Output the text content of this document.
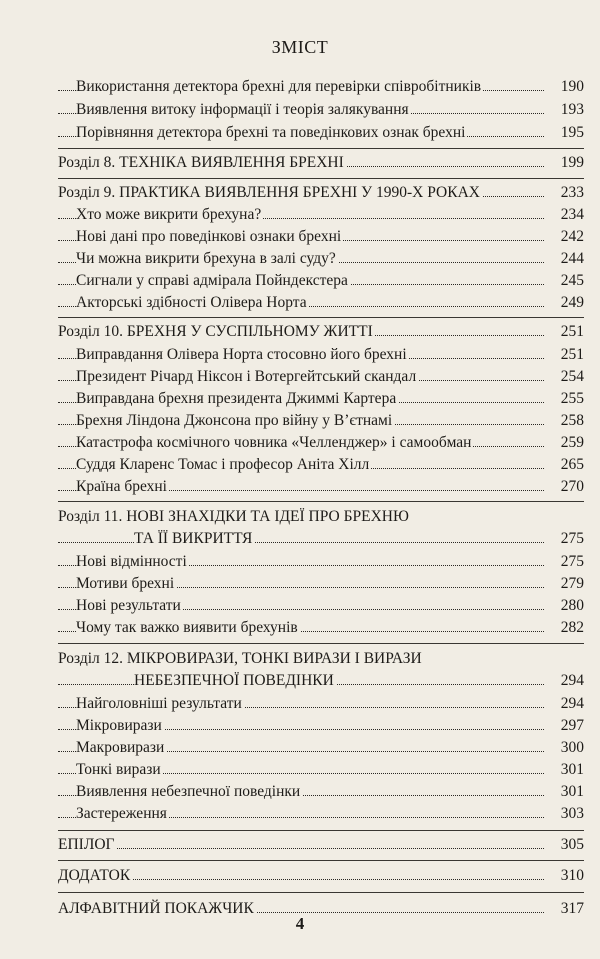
ЗМІСТ
Використання детектора брехні для перевірки співробітників	190
Виявлення витоку інформації і теорія залякування	193
Порівняння детектора брехні та поведінкових ознак брехні	195
Розділ 8. ТЕХНІКА ВИЯВЛЕННЯ БРЕХНІ	199
Розділ 9. ПРАКТИКА ВИЯВЛЕННЯ БРЕХНІ У 1990-Х РОКАХ	233
Хто може викрити брехуна?	234
Нові дані про поведінкові ознаки брехні	242
Чи можна викрити брехуна в залі суду?	244
Сигнали у справі адмірала Пойндекстера	245
Акторські здібності Олівера Норта	249
Розділ 10. БРЕХНЯ У СУСПІЛЬНОМУ ЖИТТІ	251
Виправдання Олівера Норта стосовно його брехні	251
Президент Річард Ніксон і Вотергейтський скандал	254
Виправдана брехня президента Джиммі Картера	255
Брехня Ліндона Джонсона про війну у В’єтнамі	258
Катастрофа космічного човника «Челленджер» і самообман	259
Суддя Кларенс Томас і професор Аніта Хілл	265
Країна брехні	270
Розділ 11. НОВІ ЗНАХІДКИ ТА ІДЕЇ ПРО БРЕХНЮ
ТА ЇЇ ВИКРИТТЯ	275
Нові відмінності	275
Мотиви брехні	279
Нові результати	280
Чому так важко виявити брехунів	282
Розділ 12. МІКРОВИРАЗИ, ТОНКІ ВИРАЗИ І ВИРАЗИ
НЕБЕЗПЕЧНОЇ ПОВЕДІНКИ	294
Найголовніші результати	294
Мікровирази	297
Макровирази	300
Тонкі вирази	301
Виявлення небезпечної поведінки	301
Застереження	303
ЕПІЛОГ	305
ДОДАТОК	310
АЛФАВІТНИЙ ПОКАЖЧИК	317
4
